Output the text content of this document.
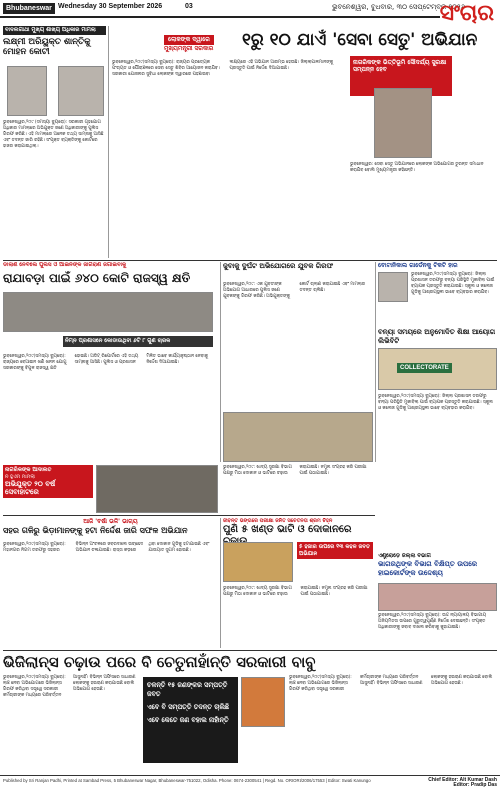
Bhubaneswar Wednesday 30 September 2026	03	ଭୁବନେଶ୍ୱର, ବୁଧବାର, ୩୦ ସେପ୍ଟେମ୍ବର ୨୦୨୬
ସଂଚାର
ବାଦଲଗାଥା ମୁଖ୍ୟ ଶାଖ୍ୟ ଅଧିକାର ମାମଲା
ଲକ୍ଷ୍ମୀ ଅରିୟୁକ୍ତ ଶାନ୍ତିକୁ ମୋହନ କୋଟୀ
ଭୁବନେଶ୍ୱର,୨୯ା୯ (ସମସ୍ୟା ବ୍ୟୁରୋ): ସରକାରୀ ଗୃହଯୋଗ ଅଧିକାର ମାମଲାରେ ଅଭିଯୁକ୍ତ ଜଣେ ଅଧିକାରୀଙ୍କୁ ପୁଲିସ ଗିରଫ କରିଛି। ଏହି ମାମଲାରେ ଅନେକ ତଥ୍ୟ ସାମ୍ନାକୁ ଆସିଛି ଏବଂ ତଦନ୍ତ ଜାରି ରହିଛି। ସଂପୃକ୍ତ ବ୍ୟକ୍ତିଙ୍କୁ କୋର୍ଟରେ ହାଜର କରାଯାଇଥିଲା।
ଲୋକଙ୍କ ଦ୍ୱାରେ
ମୁଖ୍ୟମନ୍ତ୍ରୀ ସରକାର ୧ରୁ ୧୦ ଯାଏଁ 'ସେବା ସେତୁ' ଅଭିଯାନ
ଭୁବନେଶ୍ୱର,୨୯ା୯(ସମସ୍ୟା ବ୍ୟୁରୋ): ରାଜ୍ୟର ପ୍ରତ୍ୟେକ ପଂଚାୟତ ଓ ପୌରାଞ୍ଚଳରେ ସେବା ସେତୁ ଶିବିର ଆୟୋଜନ କରାଯିବ। ସରକାରୀ ଯୋଜନାର ସୁବିଧା ଲୋକଙ୍କ ଦ୍ୱାରରେ ପହଞ୍ଚାଇବା ଲକ୍ଷ୍ୟରେ ଏହି ଅଭିଯାନ ଆରମ୍ଭ ହେଉଛି। ଜିଲ୍ଲାପାଳମାନଙ୍କୁ ପ୍ରସ୍ତୁତି ପାଇଁ ନିର୍ଦ୍ଦେଶ ଦିଆଯାଇଛି।
ନାଗରିକଙ୍କ ଭିତ୍ତିଭୂମି ସୌଦର୍ଯ୍ୟ ସୁରକ୍ଷା ସମ୍ପନ୍ନ ହେବ
ଭୁବନେଶ୍ୱର: ସେବା ସେତୁ ଅଭିଯାନରେ ଲୋକଙ୍କ ଅଭିଯୋଗର ତୁରନ୍ତ ସମାଧାନ କରାଯିବ ବୋଲି ମୁଖ୍ୟମନ୍ତ୍ରୀ କହିଛନ୍ତି।
ଡାଲାଣ ନେବିଲେ ପୁଲିସ ଓ ଆଇନିଙ୍କ ଜାଗରାଣ ଜଗାଇବାକୁ
ରାଯାବଡ଼ା ପାଇଁ ୬୪୦ କୋଟି ରାଜସ୍ୱ କ୍ଷତି
ନିମ୍ନ ପ୍ରଶାସନେ କୋଡାଉଥିବା ୬ଟି ୮ ଗୁଣ ଚାରକ
ଭୁବନେଶ୍ୱର,୨୯ା୯(ସମସ୍ୟା ବ୍ୟୁରୋ): ରାଜ୍ୟରେ ବେଆଇନ ଖଣି ଖନନ ଯୋଗୁ ସରକାରଙ୍କୁ ବିପୁଳ ରାଜସ୍ୱ କ୍ଷତି ହୋଇଛି। ଅଡିଟ୍ ରିପୋର୍ଟରେ ଏହି ତଥ୍ୟ ସାମ୍ନାକୁ ଆସିଛି। ପୁଲିସ ଓ ପ୍ରଶାସନ ମିଳିତ ଭାବେ କାର୍ଯ୍ୟାନୁଷ୍ଠାନ ନେବାକୁ ନିର୍ଦ୍ଦେଶ ଦିଆଯାଇଛି।
ଜୁବାକୁ ଦୁର୍ଘଟ ଅଭିଯୋଗରେ ଯୁବକ ଗିରଫ
ଭୁବନେଶ୍ୱର,୨୯ା୯: ଏକ ଯୁବତୀଙ୍କ ଅଭିଯୋଗ ଆଧାରରେ ପୁଲିସ ଜଣେ ଯୁବକଙ୍କୁ ଗିରଫ କରିଛି। ଅଭିଯୁକ୍ତଙ୍କୁ କୋର୍ଟ ଚାଲାଣ କରାଯାଇଛି ଏବଂ ମାମଲାର ତଦନ୍ତ ଚାଲିଛି।
ବୋଟାନିକାଲ ଗାର୍ଡେନକୁ ଟିକଟି ହାର
ଭୁବନେଶ୍ୱର,୨୯ା୯(ସମସ୍ୟା ବ୍ୟୁରୋ): ଜିଲ୍ଲା ପ୍ରଶାସନ ତରଫରୁ ବନ୍ୟା ପରିସ୍ଥିତି ମୁକାବିଲା ପାଇଁ ବ୍ୟାପକ ପ୍ରସ୍ତୁତି କରାଯାଇଛି। ସ୍କୁଲ ଓ କଲେଜ ଗୁଡିକୁ ଆଶ୍ରୟସ୍ଥଳୀ ଭାବେ ବ୍ୟବହାର କରାଯିବ।
ବନ୍ୟା ସମୟରେ ଅନୁମୋଦିତ ଶିକ୍ଷା ଆୟୋଗ ଲିଭିବିଟି
COLLECTORATE
ଭୁବନେଶ୍ୱର,୨୯ା୯(ସମସ୍ୟା ବ୍ୟୁରୋ): ଜିଲ୍ଲା ପ୍ରଶାସନ ତରଫରୁ ବନ୍ୟା ପରିସ୍ଥିତି ମୁକାବିଲା ପାଇଁ ବ୍ୟାପକ ପ୍ରସ୍ତୁତି କରାଯାଇଛି। ସ୍କୁଲ ଓ କଲେଜ ଗୁଡିକୁ ଆଶ୍ରୟସ୍ଥଳୀ ଭାବେ ବ୍ୟବହାର କରାଯିବ।
ନାଗରିକଙ୍କ ଆଦାଲତ
ନ ହୁଏମ ମାମଲା
ଅଭିଯୁକ୍ତ ୨୦ ବର୍ଷ ସେବାହାଟରେ
ଭୁବନେଶ୍ୱର,୨୯ା୯: ଖାଦ୍ୟ ସୁରକ୍ଷା ବିଭାଗ ପକ୍ଷରୁ ମିଠା ଦୋକାନ ଓ ଭାଟିରେ ଚଢ଼ାଉ କରାଯାଇଛି। ନମୁନା ସଂଗ୍ରହ କରି ପରୀକ୍ଷା ପାଇଁ ପଠାଯାଇଛି।
ଆଜି 'ବର୍ଷା ଭଳି' ଭାଗ୍ୟ
ସହର ଗଳିରୁ ଭିଡ଼ାମାନଙ୍କୁ ହଟା ନିର୍ଦ୍ଦେଶ ଜାରି ସଫଳ ଅଭିଯାନ
ଭୁବନେଶ୍ୱର,୨୯ା୯(ସମସ୍ୟା ବ୍ୟୁରୋ): ମହାନଗର ନିଗମ ତରଫରୁ ସହରର ବିଭିନ୍ନ ଅଂଚଳରେ ଜବରଦଖଲ ଉଚ୍ଛେଦ ଅଭିଯାନ ଚଳାଯାଇଛି। ରାସ୍ତା କଡ଼ରେ ଥିବା ଦୋକାନ ଗୁଡିକୁ ହଟାଯାଇଛି ଏବଂ ଯାତାୟାତ ସୁଗମ ହୋଇଛି।
ଜୀବନ୍ତ ଭଙ୍ଗରେ ପରୀକ୍ଷା ଜନିତ ସଚେତନତା ଶ୍ରମ ଚିହ୍ନ
ପୁଣି ୫ ଖଣ୍ଡ ଭାଟି ଓ ଦୋକାନରେ
୫ ହଜାର ଉପରେ ୧୩ କହଳ ଜବତ ଅଭିଯାନ
ଭୁବନେଶ୍ୱର,୨୯ା୯: ଖାଦ୍ୟ ସୁରକ୍ଷା ବିଭାଗ ପକ୍ଷରୁ ମିଠା ଦୋକାନ ଓ ଭାଟିରେ ଚଢ଼ାଉ କରାଯାଇଛି। ନମୁନା ସଂଗ୍ରହ କରି ପରୀକ୍ଷା ପାଇଁ ପଠାଯାଇଛି।
ଏଣ୍ଟ୍ରୋଡ଼େ ଜିଲ୍ଲା ବିଭାଗ
ଭାଗରଥିଙ୍କ ବିଭାଗ ବିକ୍ଷିପ୍ତ ଉପରେ ହାଇକୋର୍ଟଙ୍କ ଉଦ୍ଦେଶ୍ୟ
ଭୁବନେଶ୍ୱର,୨୯ା୯(ସମସ୍ୟା ବ୍ୟୁରୋ): ଉଚ୍ଚ ନ୍ୟାୟାଳୟ ବିଭାଗୀୟ ଅନିୟମିତତା ଉପରେ ଗୁରୁତ୍ୱପୂର୍ଣ୍ଣ ନିର୍ଦ୍ଦେଶ ଦେଇଛନ୍ତି। ସଂପୃକ୍ତ ଅଧିକାରୀଙ୍କୁ ଜବାବ ଦାଖଲ କରିବାକୁ କୁହାଯାଇଛି।
ଭିଜିଲାନ୍ସ ଚଢ଼ାଉ ପରେ ବି ଚେତୁନାହାଁନ୍ତି ସରକାରୀ ବାବୁ
ଭୁବନେଶ୍ୱର,୨୯ା୯(ସମସ୍ୟା ବ୍ୟୁରୋ): ଲାଞ୍ଚ ନେବା ଅଭିଯୋଗରେ ଭିଜିଲାନ୍ସ ଗିରଫ କରିଥିବା ସତ୍ତ୍ୱେ ସରକାରୀ କର୍ମଚାରୀଙ୍କ ମଧ୍ୟରେ ପରିବର୍ତ୍ତନ ଆସୁନାହିଁ। ବିଭିନ୍ନ ଅଫିସରେ ସାଧାରଣ ଲୋକଙ୍କୁ ହଇରାଣ କରାଯାଉଛି ବୋଲି ଅଭିଯୋଗ ହେଉଛି।
ଚଳନ୍ତି ୧୫ ଜଣଙ୍କର ସମ୍ପତ୍ତି ଜବତ
ଏବେ ବି ସମ୍ପତ୍ତି ତଦନ୍ତ ଚାଲିଛି
ଏବେ କେତେ ଜଣ ବହାଲ ନାହାଁନ୍ତି
ଭୁବନେଶ୍ୱର,୨୯ା୯(ସମସ୍ୟା ବ୍ୟୁରୋ): ଲାଞ୍ଚ ନେବା ଅଭିଯୋଗରେ ଭିଜିଲାନ୍ସ ଗିରଫ କରିଥିବା ସତ୍ତ୍ୱେ ସରକାରୀ କର୍ମଚାରୀଙ୍କ ମଧ୍ୟରେ ପରିବର୍ତ୍ତନ ଆସୁନାହିଁ। ବିଭିନ୍ନ ଅଫିସରେ ସାଧାରଣ ଲୋକଙ୍କୁ ହଇରାଣ କରାଯାଉଛି ବୋଲି ଅଭିଯୋଗ ହେଉଛି।
Published by Sri Ranjan Padhi, Printed at Sambad Press, 5 Bhubaneswar Nagar, Bhubaneswar-751022, Odisha. Phone: 0674-2300541 | Regd. No. ORIORI/2006/17553 | Editor: Swati Kanungo	Chief Editor: Alt Kumar Dash
Editor: Pradip Das
